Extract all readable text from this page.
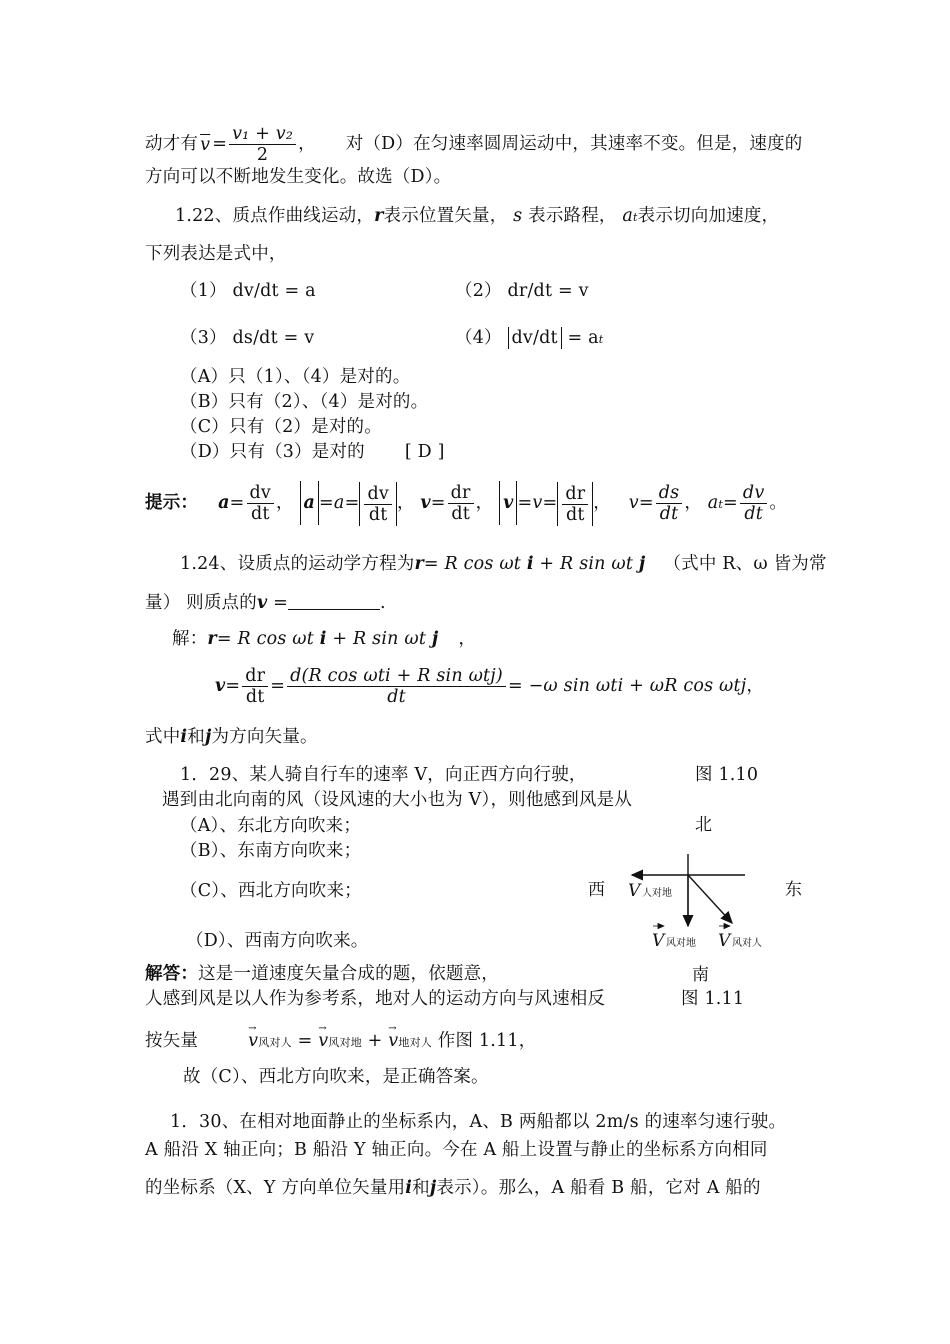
动才有 $\overline{v} = \frac{\text{v₁ + v₂}}{2}$ ， 对（D）在匀速率圆周运动中，其速率不变。但是，速度的
方向可以不断地发生变化。故选（D）。
1.22、质点作曲线运动，r表示位置矢量， s 表示路程， at表示切向加速度，
下列表达是式中，
（1） dv/dt = a	（2） dr/dt = v
（3） ds/dt = v	（4） dv/dt = at
（A）只（1）、（4）是对的。
（B）只有（2）、（4）是对的。
（C）只有（2）是对的。
（D）只有（3）是对的 [ D ]
提示： $a= \frac{dv}{dt}$ ， $a =a= \frac{dv}{dt}$ ， $v= \frac{dr}{dt}$ ， $v =v= \frac{dr}{dt}$ ， $v= \frac{ds}{dt}$ ， $at= \frac{dv}{dt}$ 。
1.24、设质点的运动学方程为r= R cos ωt i + R sin ωt j （式中 R、ω 皆为常
量） 则质点的v =	.
解：r= R cos ωt i + R sin ωt j ，
$v= \frac{dr}{dt} = \frac{\text{d(R cos ωti + R sin ωtj)}}{dt} = -\omega$ sin ωti + ωR cos ωtj，
式中i和j为方向矢量。
1．29、某人骑自行车的速率 V，向正西方向行驶，	图 1.10
遇到由北向南的风（设风速的大小也为 V），则他感到风是从
（A）、东北方向吹来；
（B）、东南方向吹来；
（C）、西北方向吹来；
（D）、西南方向吹来。
北
西	东
V 人对地
V 风对地 V 风对人
南
解答：这是一道速度矢量合成的题，依题意，
人感到风是以人作为参考系，地对人的运动方向与风速相反	图 1.11
按矢量	→ v风对人 = → v风对地 + → v地对人 作图 1.11，
故（C）、西北方向吹来，是正确答案。
1．30、在相对地面静止的坐标系内，A、B 两船都以 2m/s 的速率匀速行驶。
A 船沿 X 轴正向；B 船沿 Y 轴正向。今在 A 船上设置与静止的坐标系方向相同
的坐标系（X、Y 方向单位矢量用i和j表示）。那么，A 船看 B 船，它对 A 船的
